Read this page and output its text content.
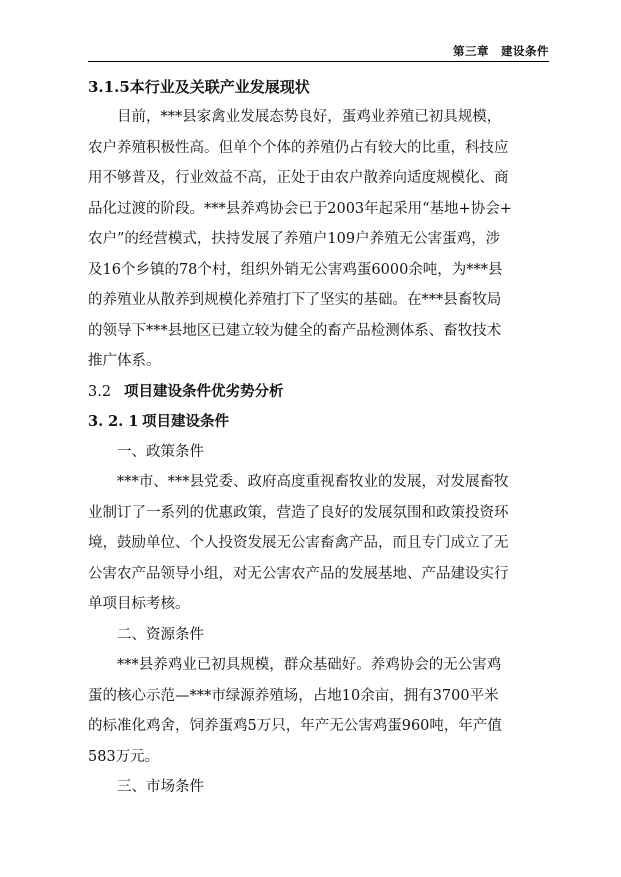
第三章 建设条件
3.1.5本行业及关联产业发展现状
目前，***县家禽业发展态势良好，蛋鸡业养殖已初具规模，
农户养殖积极性高。但单个个体的养殖仍占有较大的比重，科技应
用不够普及，行业效益不高，正处于由农户散养向适度规模化、商
品化过渡的阶段。***县养鸡协会已于2003年起采用“基地+协会+
农户”的经营模式，扶持发展了养殖户109户养殖无公害蛋鸡，涉
及16个乡镇的78个村，组织外销无公害鸡蛋6000余吨，为***县
的养殖业从散养到规模化养殖打下了坚实的基础。在***县畜牧局
的领导下***县地区已建立较为健全的畜产品检测体系、畜牧技术
推广体系。
3.2 项目建设条件优劣势分析
3. 2. 1 项目建设条件
一、政策条件
***市、***县党委、政府高度重视畜牧业的发展，对发展畜牧
业制订了一系列的优惠政策，营造了良好的发展氛围和政策投资环
境，鼓励单位、个人投资发展无公害畜禽产品，而且专门成立了无
公害农产品领导小组，对无公害农产品的发展基地、产品建设实行
单项目标考核。
二、资源条件
***县养鸡业已初具规模，群众基础好。养鸡协会的无公害鸡
蛋的核心示范—***市绿源养殖场，占地10余亩，拥有3700平米
的标准化鸡舍，饲养蛋鸡5万只，年产无公害鸡蛋960吨，年产值
583万元。
三、市场条件
